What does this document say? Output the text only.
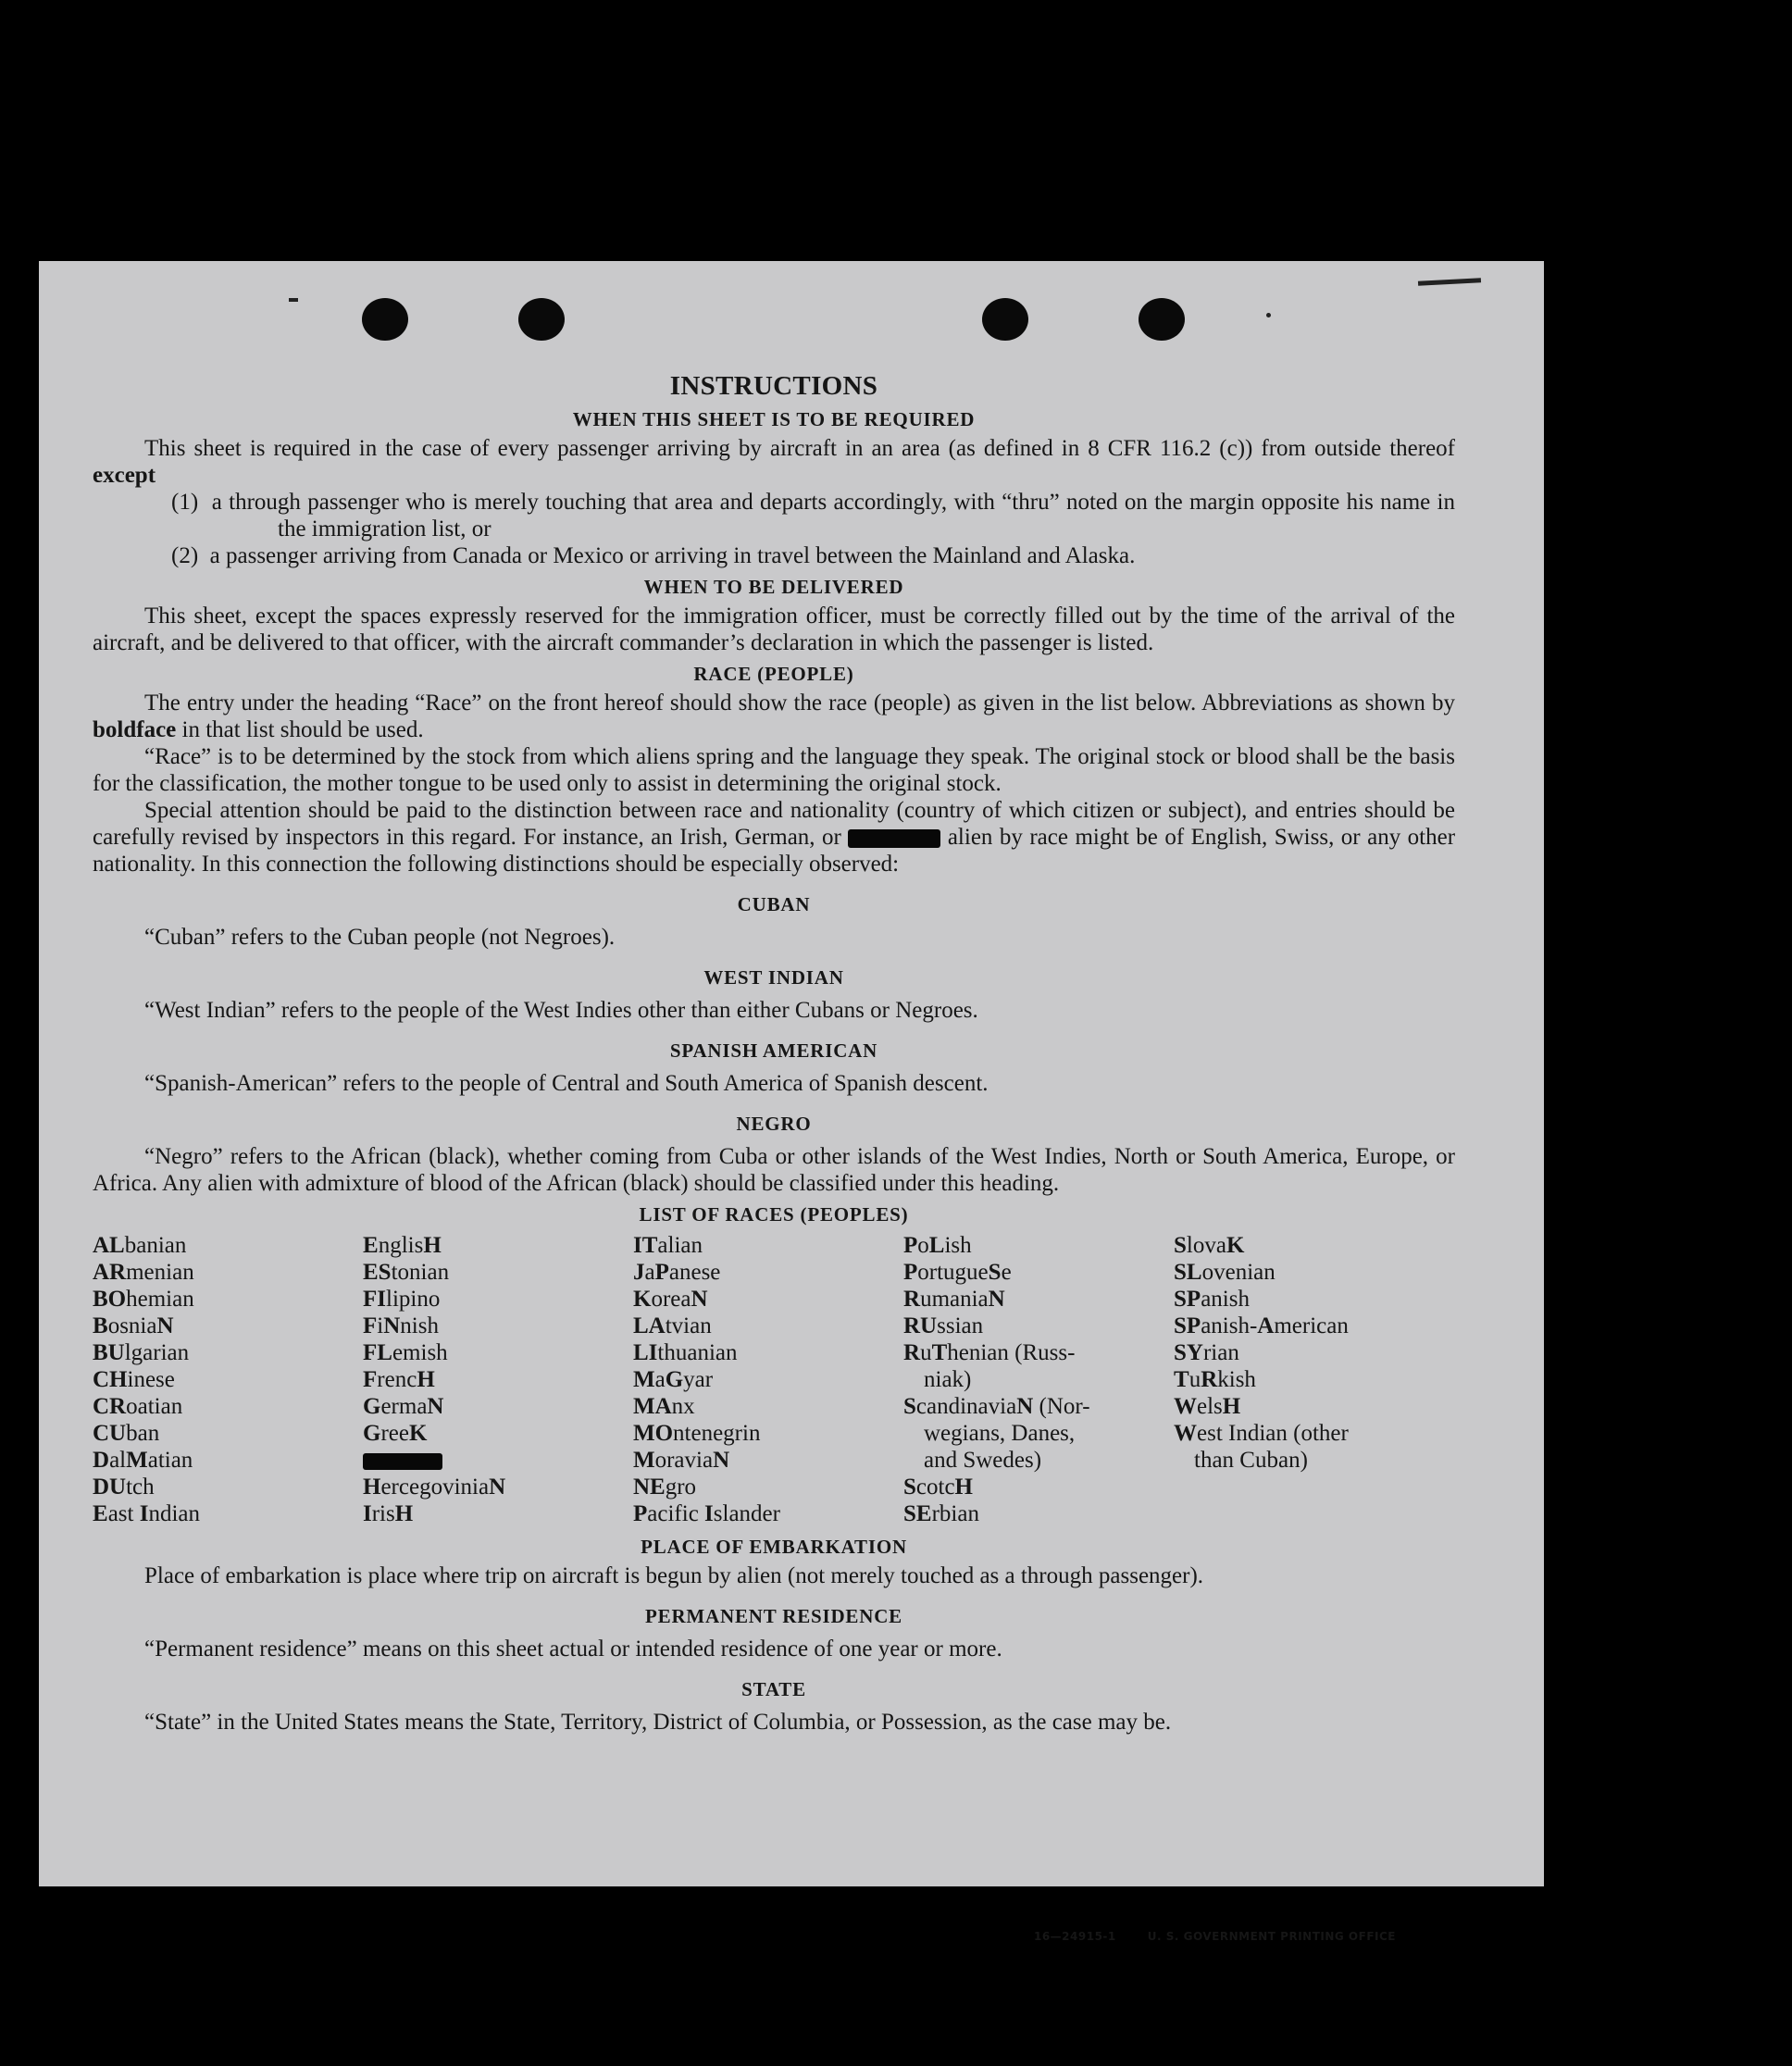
INSTRUCTIONS
WHEN THIS SHEET IS TO BE REQUIRED

This sheet is required in the case of every passenger arriving by aircraft in an area (as defined in 8 CFR 116.2 (c)) from outside thereof except

(1) a through passenger who is merely touching that area and departs accordingly, with “thru” noted on the margin opposite his name in the immigration list, or

(2) a passenger arriving from Canada or Mexico or arriving in travel between the Mainland and Alaska.

WHEN TO BE DELIVERED

This sheet, except the spaces expressly reserved for the immigration officer, must be correctly filled out by the time of the arrival of the aircraft, and be delivered to that officer, with the aircraft commander’s declaration in which the passenger is listed.

RACE (PEOPLE)

The entry under the heading “Race” on the front hereof should show the race (people) as given in the list below. Abbreviations as shown by boldface in that list should be used.

“Race” is to be determined by the stock from which aliens spring and the language they speak. The original stock or blood shall be the basis for the classification, the mother tongue to be used only to assist in determining the original stock.

Special attention should be paid to the distinction between race and nationality (country of which citizen or subject), and entries should be carefully revised by inspectors in this regard. For instance, an Irish, German, or	alien by race might be of English, Swiss, or any other nationality. In this connection the following distinctions should be especially observed:

CUBAN

“Cuban” refers to the Cuban people (not Negroes).

WEST INDIAN

“West Indian” refers to the people of the West Indies other than either Cubans or Negroes.

SPANISH AMERICAN

“Spanish-American” refers to the people of Central and South America of Spanish descent.

NEGRO

“Negro” refers to the African (black), whether coming from Cuba or other islands of the West Indies, North or South America, Europe, or Africa. Any alien with admixture of blood of the African (black) should be classified under this heading.

LIST OF RACES (PEOPLES)
ALbanian
ARmenian
BOhemian
BosniaN
BUlgarian
CHinese
CRoatian
CUban
DalMatian
DUtch
East Indian
EnglisH
EStonian
FIlipino
FiNnish
FLemish
FrencH
GermaN
GreeK
HercegoviniaN
IrisH
ITalian
JaPanese
KoreaN
LAtvian
LIthuanian
MaGyar
MAnx
MOntenegrin
MoraviaN
NEgro
Pacific Islander
PoLish
PortugueSe
RumaniaN
RUssian
RuThenian (Russ-
niak)
ScandinaviaN (Nor-
wegians, Danes,
and Swedes)
ScotcH
SErbian
SlovaK
SLovenian
SPanish
SPanish-American
SYrian
TuRkish
WelsH
West Indian (other
than Cuban)
PLACE OF EMBARKATION

Place of embarkation is place where trip on aircraft is begun by alien (not merely touched as a through passenger).

PERMANENT RESIDENCE

“Permanent residence” means on this sheet actual or intended residence of one year or more.

STATE

“State” in the United States means the State, Territory, District of Columbia, or Possession, as the case may be.

16—24915‑1	U. S. GOVERNMENT PRINTING OFFICE
